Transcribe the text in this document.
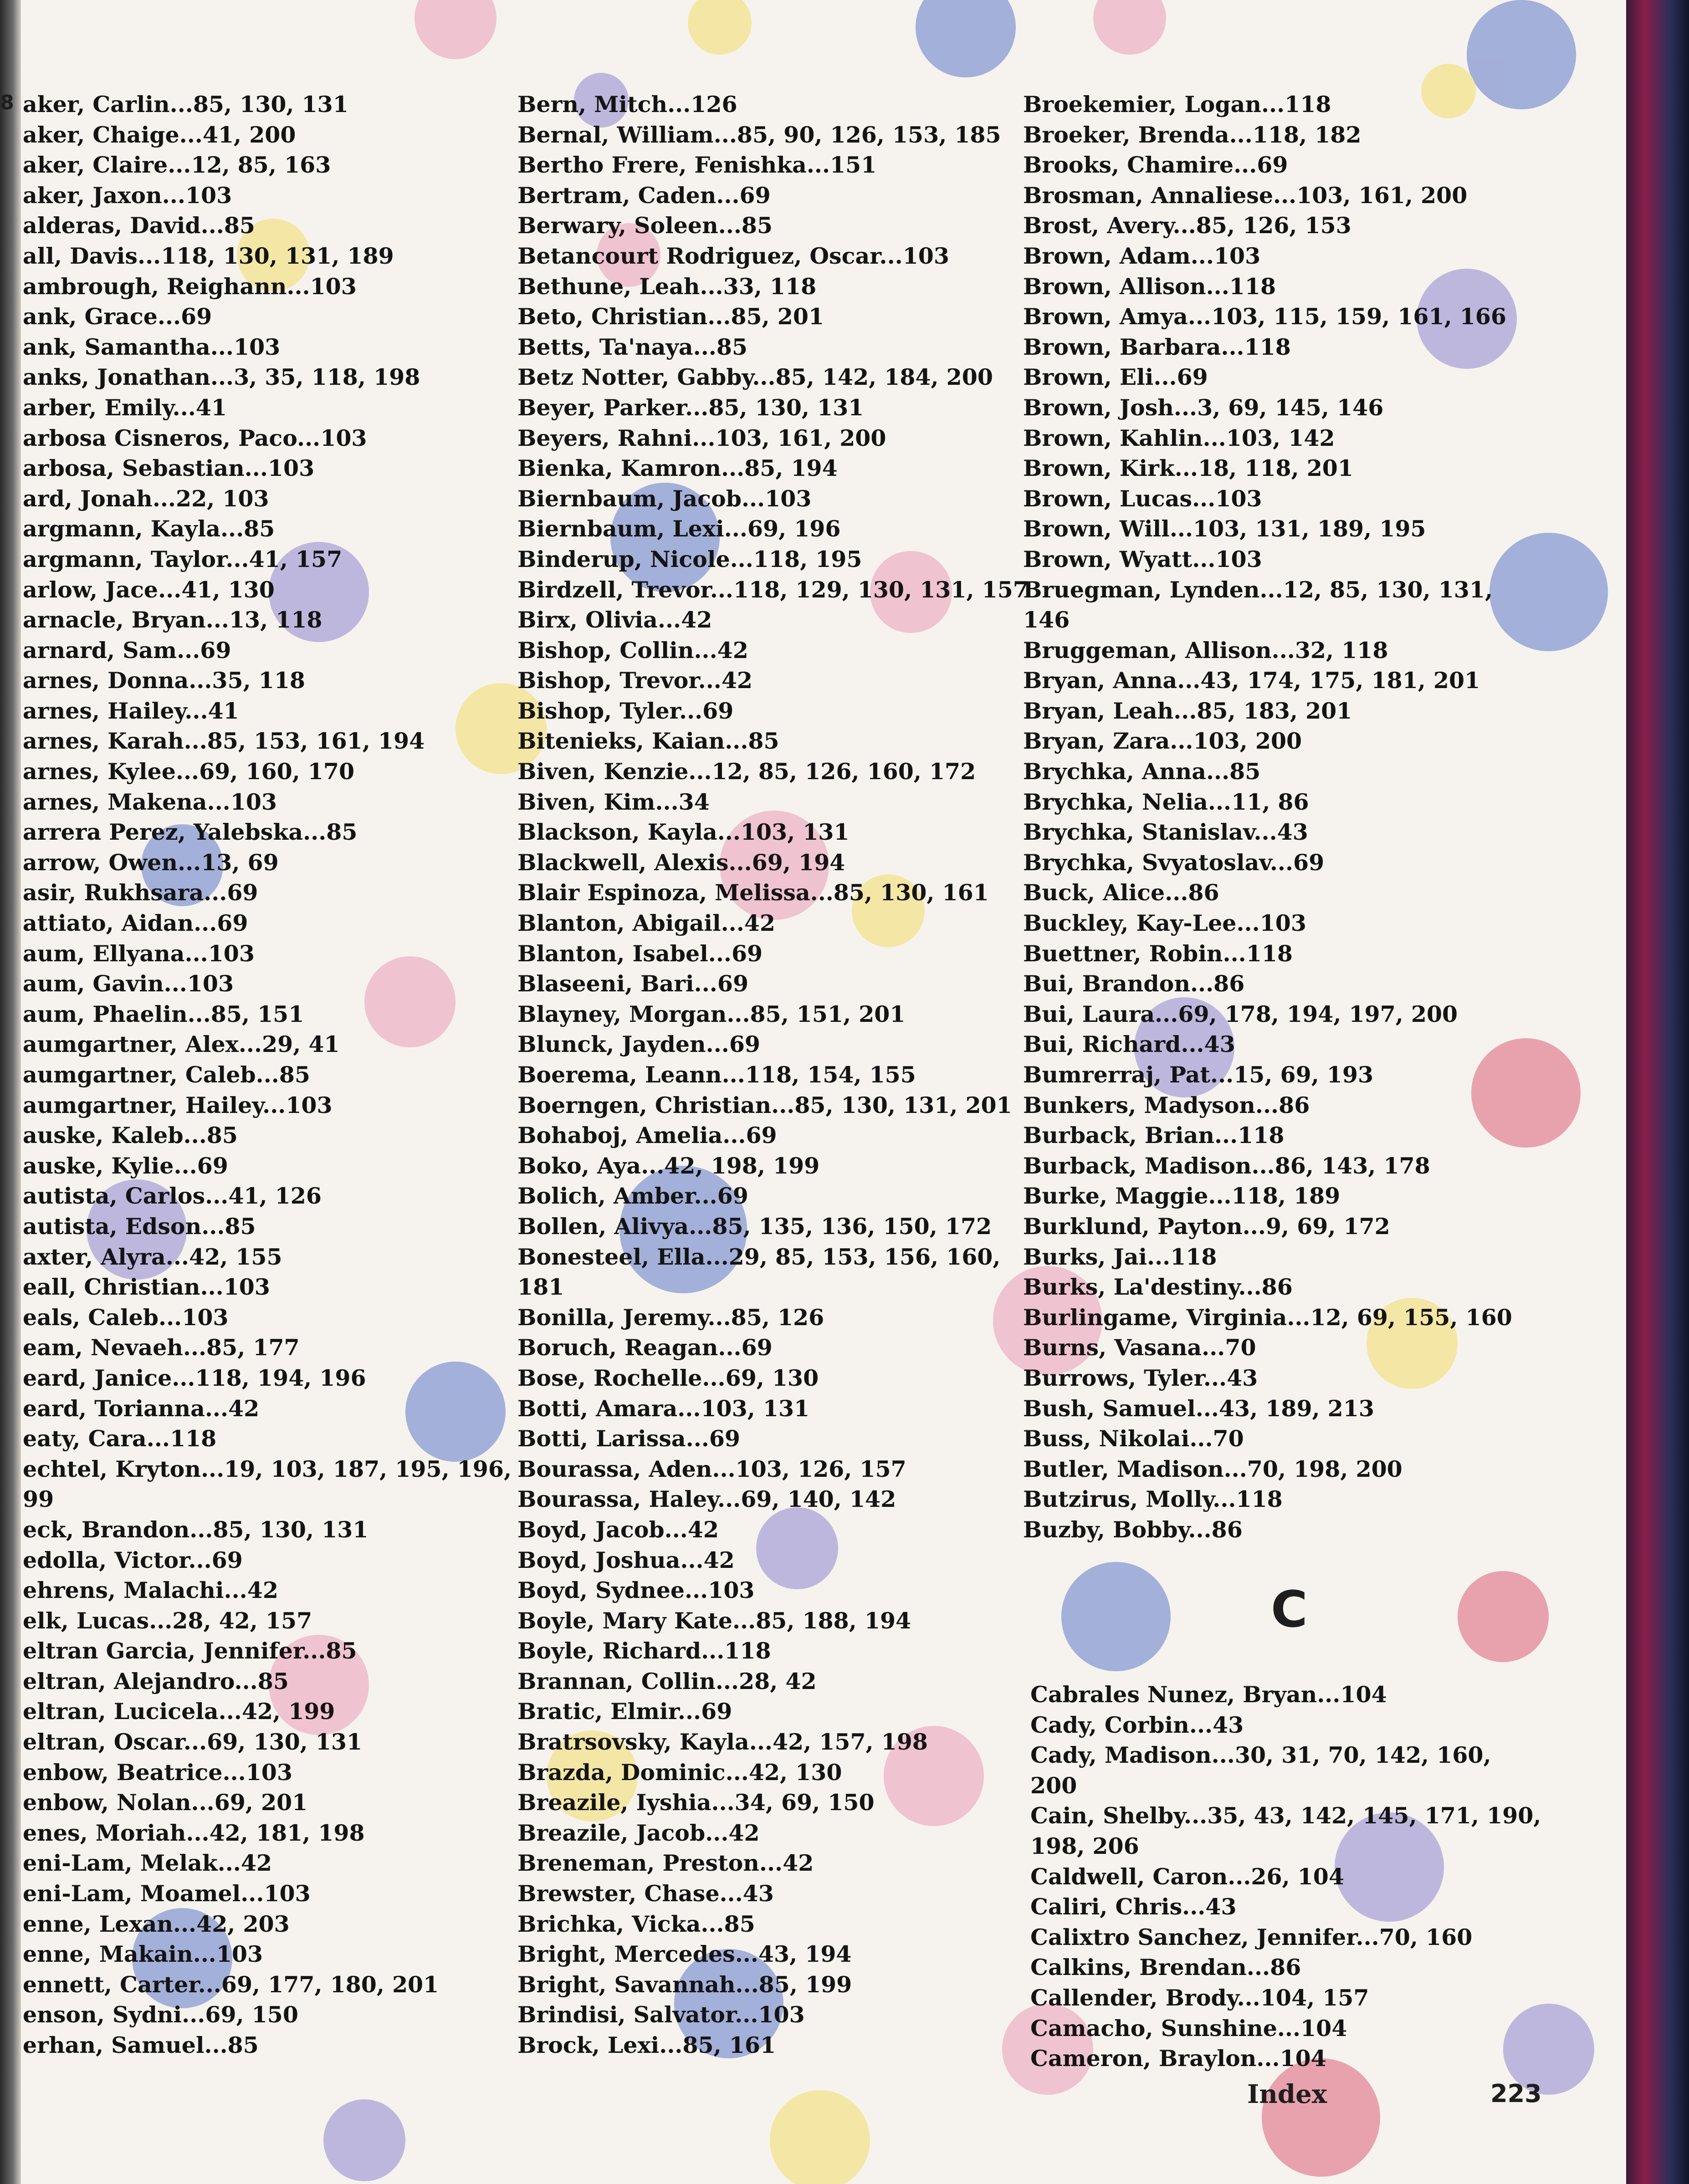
8 aker, Carlin...85, 130, 131
aker, Chaige...41, 200
aker, Claire...12, 85, 163
aker, Jaxon...103
alderas, David...85
all, Davis...118, 130, 131, 189
ambrough, Reighann...103
ank, Grace...69
ank, Samantha...103
anks, Jonathan...3, 35, 118, 198
arber, Emily...41
arbosa Cisneros, Paco...103
arbosa, Sebastian...103
ard, Jonah...22, 103
argmann, Kayla...85
argmann, Taylor...41, 157
arlow, Jace...41, 130
arnacle, Bryan...13, 118
arnard, Sam...69
arnes, Donna...35, 118
arnes, Hailey...41
arnes, Karah...85, 153, 161, 194
arnes, Kylee...69, 160, 170
arnes, Makena...103
arrera Perez, Yalebska...85
arrow, Owen...13, 69
asir, Rukhsara...69
attiato, Aidan...69
aum, Ellyana...103
aum, Gavin...103
aum, Phaelin...85, 151
aumgartner, Alex...29, 41
aumgartner, Caleb...85
aumgartner, Hailey...103
auske, Kaleb...85
auske, Kylie...69
autista, Carlos...41, 126
autista, Edson...85
axter, Alyra...42, 155
eall, Christian...103
eals, Caleb...103
eam, Nevaeh...85, 177
eard, Janice...118, 194, 196
eard, Torianna...42
eaty, Cara...118
echtel, Kryton...19, 103, 187, 195, 196,
99
eck, Brandon...85, 130, 131
edolla, Victor...69
ehrens, Malachi...42
elk, Lucas...28, 42, 157
eltran Garcia, Jennifer...85
eltran, Alejandro...85
eltran, Lucicela...42, 199
eltran, Oscar...69, 130, 131
enbow, Beatrice...103
enbow, Nolan...69, 201
enes, Moriah...42, 181, 198
eni-Lam, Melak...42
eni-Lam, Moamel...103
enne, Lexan...42, 203
enne, Makain...103
ennett, Carter...69, 177, 180, 201
enson, Sydni...69, 150
erhan, Samuel...85
Bern, Mitch...126
Bernal, William...85, 90, 126, 153, 185
Bertho Frere, Fenishka...151
Bertram, Caden...69
Berwary, Soleen...85
Betancourt Rodriguez, Oscar...103
Bethune, Leah...33, 118
Beto, Christian...85, 201
Betts, Ta'naya...85
Betz Notter, Gabby...85, 142, 184, 200
Beyer, Parker...85, 130, 131
Beyers, Rahni...103, 161, 200
Bienka, Kamron...85, 194
Biernbaum, Jacob...103
Biernbaum, Lexi...69, 196
Binderup, Nicole...118, 195
Birdzell, Trevor...118, 129, 130, 131, 157
Birx, Olivia...42
Bishop, Collin...42
Bishop, Trevor...42
Bishop, Tyler...69
Bitenieks, Kaian...85
Biven, Kenzie...12, 85, 126, 160, 172
Biven, Kim...34
Blackson, Kayla...103, 131
Blackwell, Alexis...69, 194
Blair Espinoza, Melissa...85, 130, 161
Blanton, Abigail...42
Blanton, Isabel...69
Blaseeni, Bari...69
Blayney, Morgan...85, 151, 201
Blunck, Jayden...69
Boerema, Leann...118, 154, 155
Boerngen, Christian...85, 130, 131, 201
Bohaboj, Amelia...69
Boko, Aya...42, 198, 199
Bolich, Amber...69
Bollen, Alivya...85, 135, 136, 150, 172
Bonesteel, Ella...29, 85, 153, 156, 160,
181
Bonilla, Jeremy...85, 126
Boruch, Reagan...69
Bose, Rochelle...69, 130
Botti, Amara...103, 131
Botti, Larissa...69
Bourassa, Aden...103, 126, 157
Bourassa, Haley...69, 140, 142
Boyd, Jacob...42
Boyd, Joshua...42
Boyd, Sydnee...103
Boyle, Mary Kate...85, 188, 194
Boyle, Richard...118
Brannan, Collin...28, 42
Bratic, Elmir...69
Bratrsovsky, Kayla...42, 157, 198
Brazda, Dominic...42, 130
Breazile, Iyshia...34, 69, 150
Breazile, Jacob...42
Breneman, Preston...42
Brewster, Chase...43
Brichka, Vicka...85
Bright, Mercedes...43, 194
Bright, Savannah...85, 199
Brindisi, Salvator...103
Brock, Lexi...85, 161
Broekemier, Logan...118
Broeker, Brenda...118, 182
Brooks, Chamire...69
Brosman, Annaliese...103, 161, 200
Brost, Avery...85, 126, 153
Brown, Adam...103
Brown, Allison...118
Brown, Amya...103, 115, 159, 161, 166
Brown, Barbara...118
Brown, Eli...69
Brown, Josh...3, 69, 145, 146
Brown, Kahlin...103, 142
Brown, Kirk...18, 118, 201
Brown, Lucas...103
Brown, Will...103, 131, 189, 195
Brown, Wyatt...103
Bruegman, Lynden...12, 85, 130, 131,
146
Bruggeman, Allison...32, 118
Bryan, Anna...43, 174, 175, 181, 201
Bryan, Leah...85, 183, 201
Bryan, Zara...103, 200
Brychka, Anna...85
Brychka, Nelia...11, 86
Brychka, Stanislav...43
Brychka, Svyatoslav...69
Buck, Alice...86
Buckley, Kay-Lee...103
Buettner, Robin...118
Bui, Brandon...86
Bui, Laura...69, 178, 194, 197, 200
Bui, Richard...43
Bumrerraj, Pat...15, 69, 193
Bunkers, Madyson...86
Burback, Brian...118
Burback, Madison...86, 143, 178
Burke, Maggie...118, 189
Burklund, Payton...9, 69, 172
Burks, Jai...118
Burks, La'destiny...86
Burlingame, Virginia...12, 69, 155, 160
Burns, Vasana...70
Burrows, Tyler...43
Bush, Samuel...43, 189, 213
Buss, Nikolai...70
Butler, Madison...70, 198, 200
Butzirus, Molly...118
Buzby, Bobby...86
C
Cabrales Nunez, Bryan...104
Cady, Corbin...43
Cady, Madison...30, 31, 70, 142, 160,
200
Cain, Shelby...35, 43, 142, 145, 171, 190,
198, 206
Caldwell, Caron...26, 104
Caliri, Chris...43
Calixtro Sanchez, Jennifer...70, 160
Calkins, Brendan...86
Callender, Brody...104, 157
Camacho, Sunshine...104
Cameron, Braylon...104
Index	223
